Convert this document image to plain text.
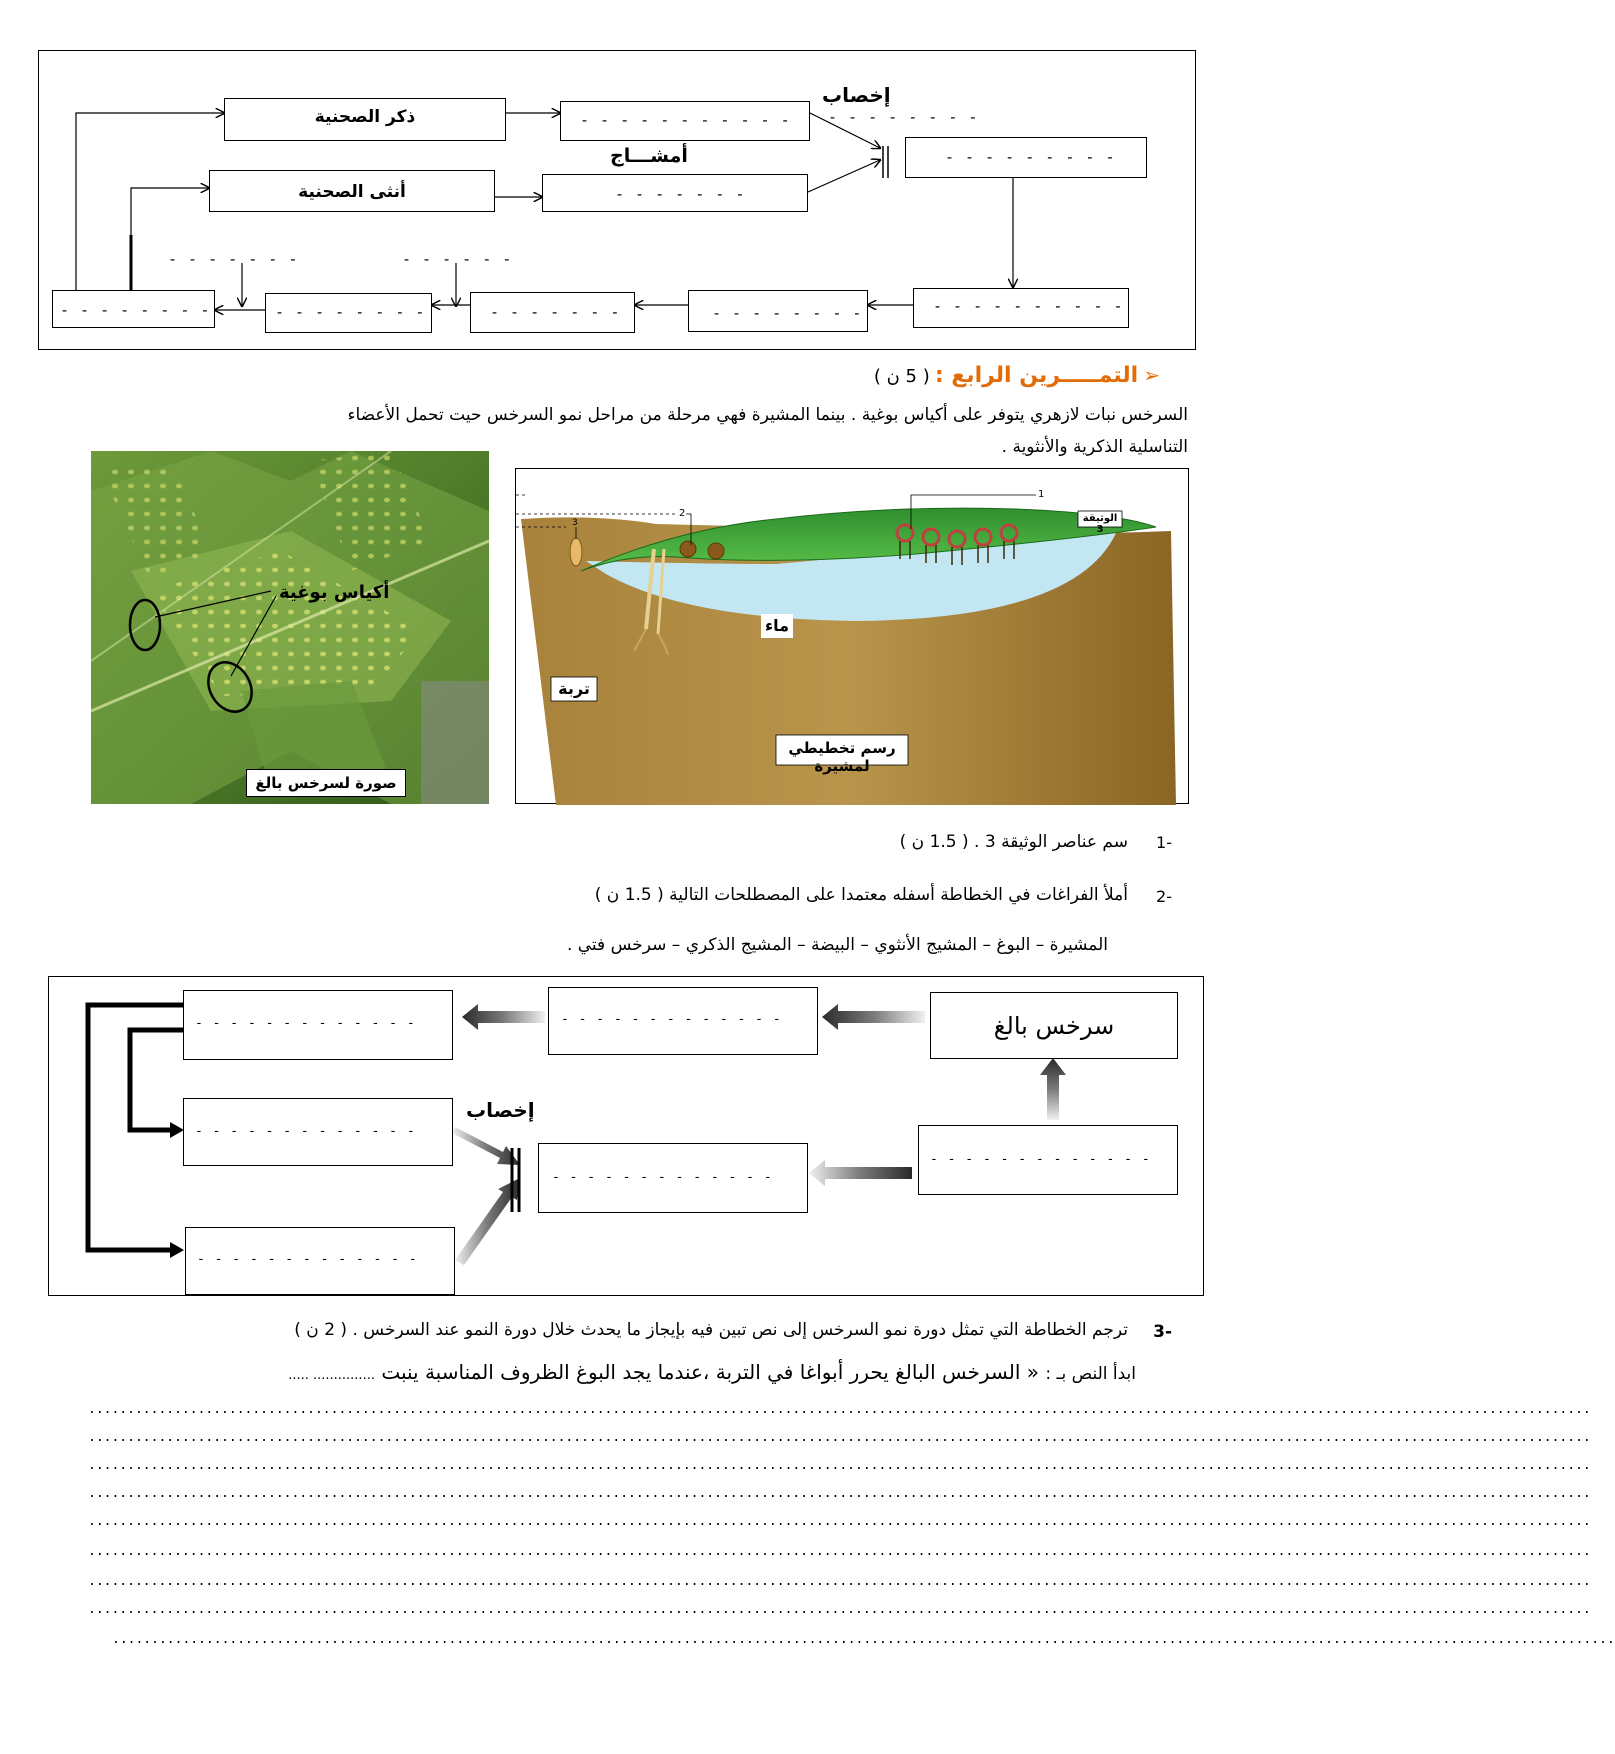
ذكر الصحنية	- - - - - - - - - - -
أمشـــاج
أنثى الصحنية	- - - - - - -
إخصاب
- - - - - - - -
- - - - - - - - -
- - - - - - -	- - - - - -
- - - - - - - - - -
- - - - - - - -
- - - - - - -
- - - - - - - -
- - - - - - - -
➢ التمـــــرين الرابع : ( 5 ن )
السرخس نبات لازهري يتوفر على أكياس بوغية . بينما المشيرة فهي مرحلة من مراحل نمو السرخس حيت تحمل الأعضاء
التناسلية الذكرية والأنثوية .
أكياس بوغية
صورة لسرخس بالغ
الوثيقة 3
1
2
3
ماء
تربة
رسم تخطيطي لمشيرة
-1
سم عناصر الوثيقة 3 . ( 1.5 ن )
-2
أملأ الفراغات في الخطاطة أسفله معتمدا على المصطلحات التالية ( 1.5 ن )
المشيرة – البوغ – المشيج الأنثوي – البيضة – المشيج الذكري – سرخس فتي .
- - - - - - - - - - - - -	- - - - - - - - - - - - -	سرخس بالغ
إخصاب
- - - - - - - - - - - - -
- - - - - - - - - - - - -
- - - - - - - - - - - - -
- - - - - - - - - - - - -
-3
ترجم الخطاطة التي تمثل دورة نمو السرخس إلى نص تبين فيه بإيجاز ما يحدث خلال دورة النمو عند السرخس . ( 2 ن )
ابدأ النص بـ : « السرخس البالغ يحرر أبواغا في التربة ،عندما يجد البوغ الظروف المناسبة ينبت ............... .....
................................................................................................................................................................................................
................................................................................................................................................................................................
................................................................................................................................................................................................
................................................................................................................................................................................................
................................................................................................................................................................................................
................................................................................................................................................................................................
................................................................................................................................................................................................
................................................................................................................................................................................................
................................................................................................................................................................................................
